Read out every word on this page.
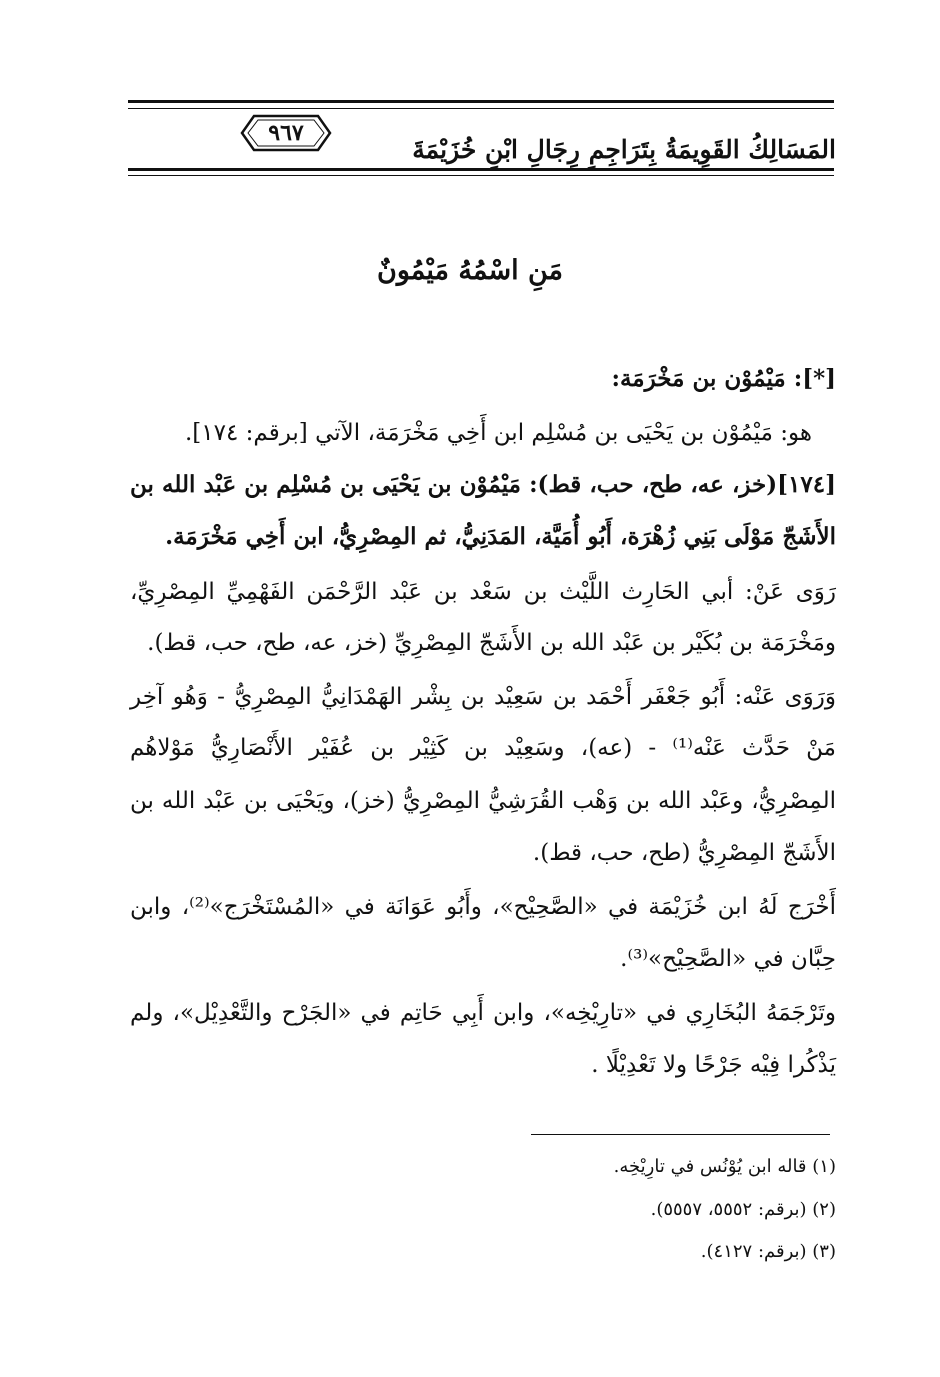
المَسَالِكُ القَوِيمَةُ بِتَرَاجِمِ رِجَالِ ابْنِ خُزَيْمَةَ
٩٦٧
مَنِ اسْمُهُ مَيْمُونٌ
[*]: مَيْمُوْن بن مَخْرَمَة:
هو: مَيْمُوْن بن يَحْيَى بن مُسْلِم ابن أَخِي مَخْرَمَة، الآتي [برقم: ١٧٤].
[١٧٤](خز، عه، طح، حب، قط): مَيْمُوْن بن يَحْيَى بن مُسْلِم بن عَبْد الله بن
الأَشَجّ مَوْلَى بَنِي زُهْرَة، أَبُو أُمَيَّة، المَدَنِيُّ، ثم المِصْرِيُّ، ابن أَخِي مَخْرَمَة.
رَوَى عَنْ: أبي الحَارِث اللَّيْث بن سَعْد بن عَبْد الرَّحْمَن الفَهْمِيِّ المِصْرِيِّ،
ومَخْرَمَة بن بُكَيْر بن عَبْد الله بن الأَشَجّ المِصْرِيِّ (خز، عه، طح، حب، قط).
وَرَوَى عَنْه: أَبُو جَعْفَر أَحْمَد بن سَعِيْد بن بِشْر الهَمْدَانِيُّ المِصْرِيُّ - وَهُو آخِر
مَنْ حَدَّث عَنْه⁽¹⁾ - (عه)، وسَعِيْد بن كَثِيْر بن عُفَيْر الأَنْصَارِيُّ مَوْلاهُم
المِصْرِيُّ، وعَبْد الله بن وَهْب القُرَشِيُّ المِصْرِيُّ (خز)، ويَحْيَى بن عَبْد الله بن
الأَشَجّ المِصْرِيُّ (طح، حب، قط).
أَخْرَج لَهُ ابن خُزَيْمَة في «الصَّحِيْح»، وأَبُو عَوَانَة في «المُسْتَخْرَج»⁽²⁾، وابن
حِبَّان في «الصَّحِيْح»⁽³⁾.
وتَرْجَمَهُ البُخَارِي في «تارِيْخِه»، وابن أَبِي حَاتِم في «الجَرْح والتَّعْدِيْل»، ولم
يَذْكُرا فِيْه جَرْحًا ولا تَعْدِيْلًا .
(١) قاله ابن يُوْنُس في تارِيْخِه.
(٢) (برقم: ٥٥٥٢، ٥٥٥٧).
(٣) (برقم: ٤١٢٧).
